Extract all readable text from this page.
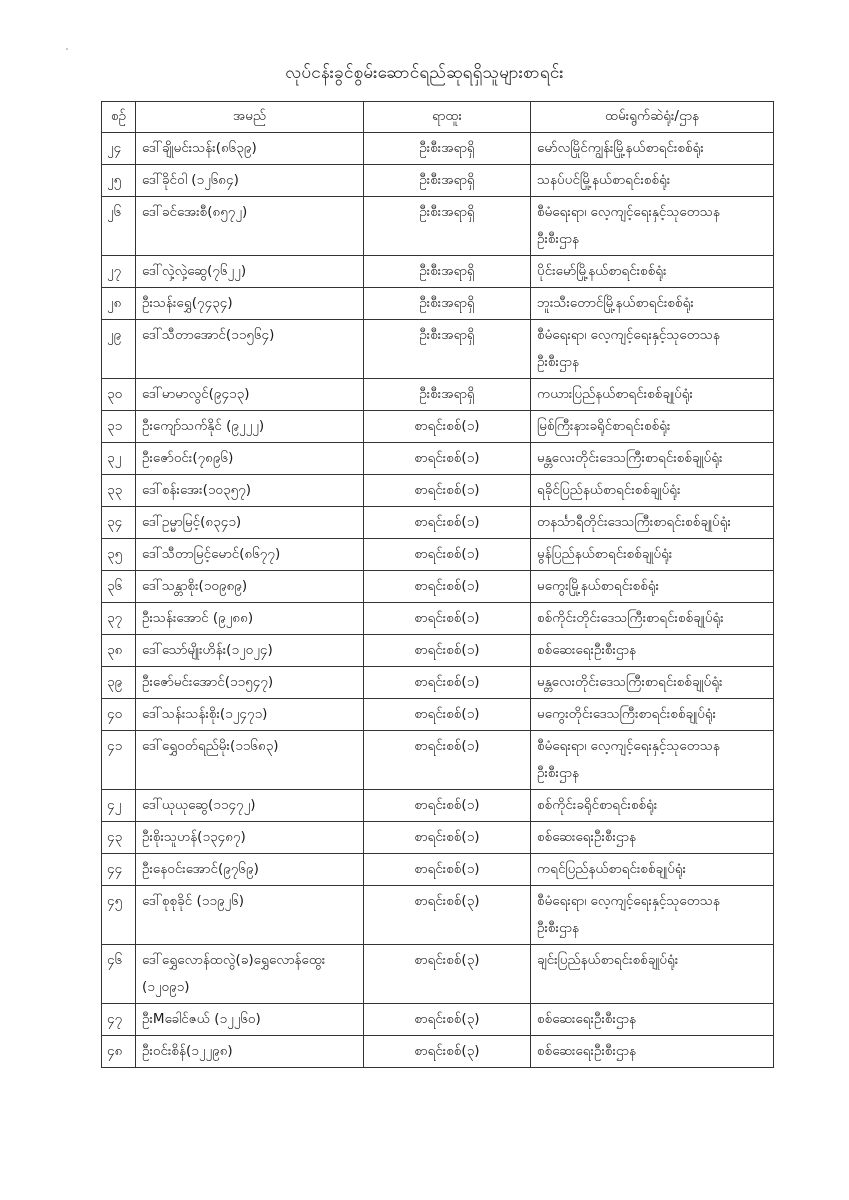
လုပ်ငန်းခွင်စွမ်းဆောင်ရည်ဆုရရှိသူများစာရင်း
စဉ်	အမည်	ရာထူး	ထမ်းရွက်ဆဲရုံး/ဌာန
၂၄	ဒေါ်ချိုမင်းသန်း(၈၆၃၉)	ဦးစီးအရာရှိ	မော်လမြိုင်ကျွန်းမြို့နယ်စာရင်းစစ်ရုံး

၂၅	ဒေါ်ခိုင်ဝါ (၁၂၆၈၄)	ဦးစီးအရာရှိ	သနပ်ပင်မြို့နယ်စာရင်းစစ်ရုံး

၂၆	ဒေါ်ခင်အေးစီ(၈၅၇၂)	ဦးစီးအရာရှိ	စီမံရေးရာ၊ လေ့ကျင့်ရေးနှင့်သုတေသန
ဦးစီးဌာန

၂၇	ဒေါ်လှဲ့လှဲ့ဆွေ(၇၆၂၂)	ဦးစီးအရာရှိ	ပိုင်းမော်မြို့နယ်စာရင်းစစ်ရုံး

၂၈	ဦးသန်းရွှေ(၇၄၃၄)	ဦးစီးအရာရှိ	ဘူးသီးတောင်မြို့နယ်စာရင်းစစ်ရုံး

၂၉	ဒေါ်သီတာအောင်(၁၁၅၆၄)	ဦးစီးအရာရှိ	စီမံရေးရာ၊ လေ့ကျင့်ရေးနှင့်သုတေသန
ဦးစီးဌာန

၃၀	ဒေါ်မာမာလွင်(၉၄၁၃)	ဦးစီးအရာရှိ	ကယားပြည်နယ်စာရင်းစစ်ချုပ်ရုံး

၃၁	ဦးကျော်သက်နိုင် (၉၂၂၂)	စာရင်းစစ်(၁)	မြစ်ကြီးနားခရိုင်စာရင်းစစ်ရုံး

၃၂	ဦးဇော်ဝင်း(၇၈၉၆)	စာရင်းစစ်(၁)	မန္တလေးတိုင်းဒေသကြီးစာရင်းစစ်ချုပ်ရုံး

၃၃	ဒေါ်စန်းအေး(၁၀၃၅၇)	စာရင်းစစ်(၁)	ရခိုင်ပြည်နယ်စာရင်းစစ်ချုပ်ရုံး

၃၄	ဒေါ်ဥမ္မာမြင့်(၈၃၄၁)	စာရင်းစစ်(၁)	တနင်္သာရီတိုင်းဒေသကြီးစာရင်းစစ်ချုပ်ရုံး

၃၅	ဒေါ်သီတာမြင့်မောင်(၈၆၇၇)	စာရင်းစစ်(၁)	မွန်ပြည်နယ်စာရင်းစစ်ချုပ်ရုံး

၃၆	ဒေါ်သန္တာစိုး(၁၀၉၈၉)	စာရင်းစစ်(၁)	မကွေးမြို့နယ်စာရင်းစစ်ရုံး

၃၇	ဦးသန်းအောင် (၉၂၈၈)	စာရင်းစစ်(၁)	စစ်ကိုင်းတိုင်းဒေသကြီးစာရင်းစစ်ချုပ်ရုံး

၃၈	ဒေါ်သော်မျိုးဟိန်း(၁၂၀၂၄)	စာရင်းစစ်(၁)	စစ်ဆေးရေးဦးစီးဌာန

၃၉	ဦးဇော်မင်းအောင်(၁၁၅၄၇)	စာရင်းစစ်(၁)	မန္တလေးတိုင်းဒေသကြီးစာရင်းစစ်ချုပ်ရုံး

၄၀	ဒေါ်သန်းသန်းစိုး(၁၂၄၇၁)	စာရင်းစစ်(၁)	မကွေးတိုင်းဒေသကြီးစာရင်းစစ်ချုပ်ရုံး

၄၁	ဒေါ်ရွှေဝတ်ရည်မိုး(၁၁၆၈၃)	စာရင်းစစ်(၁)	စီမံရေးရာ၊ လေ့ကျင့်ရေးနှင့်သုတေသန
ဦးစီးဌာန

၄၂	ဒေါ်ယုယုဆွေ(၁၁၄၇၂)	စာရင်းစစ်(၁)	စစ်ကိုင်းခရိုင်စာရင်းစစ်ရုံး

၄၃	ဦးစိုးသူဟန်(၁၃၄၈၇)	စာရင်းစစ်(၁)	စစ်ဆေးရေးဦးစီးဌာန

၄၄	ဦးနေဝင်းအောင်(၉၇၆၉)	စာရင်းစစ်(၁)	ကရင်ပြည်နယ်စာရင်းစစ်ချုပ်ရုံး

၄၅	ဒေါ်စုစုခိုင် (၁၁၉၂၆)	စာရင်းစစ်(၃)	စီမံရေးရာ၊ လေ့ကျင့်ရေးနှင့်သုတေသန
ဦးစီးဌာန

၄၆	ဒေါ်ရွှေလောန်ထလွဲ(ခ)ရွှေလောန်ထွေး
(၁၂၀၉၁)	စာရင်းစစ်(၃)	ချင်းပြည်နယ်စာရင်းစစ်ချုပ်ရုံး

၄၇	ဦးMခေါင်ဇယ် (၁၂၂၆၀)	စာရင်းစစ်(၃)	စစ်ဆေးရေးဦးစီးဌာန

၄၈	ဦးဝင်းစိန်(၁၂၂၉၈)	စာရင်းစစ်(၃)	စစ်ဆေးရေးဦးစီးဌာန
